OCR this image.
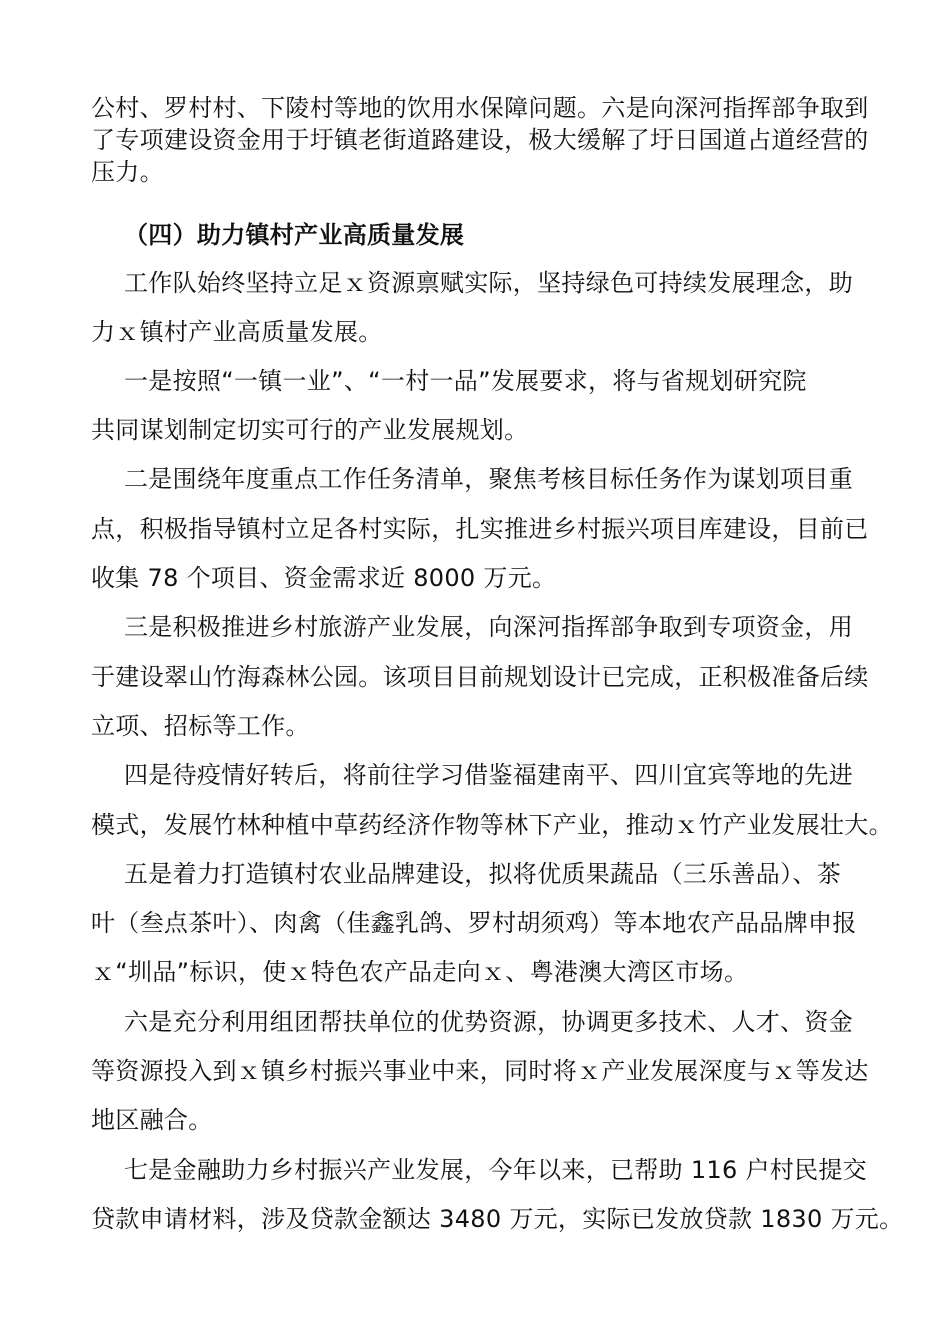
公村、罗村村、下陵村等地的饮用水保障问题。六是向深河指挥部争取到
了专项建设资金用于圩镇老街道路建设，极大缓解了圩日国道占道经营的
压力。
（四）助力镇村产业高质量发展
工作队始终坚持立足ｘ资源禀赋实际，坚持绿色可持续发展理念，助
力ｘ镇村产业高质量发展。
一是按照“一镇一业”、“一村一品”发展要求，将与省规划研究院
共同谋划制定切实可行的产业发展规划。
二是围绕年度重点工作任务清单，聚焦考核目标任务作为谋划项目重
点，积极指导镇村立足各村实际，扎实推进乡村振兴项目库建设，目前已
收集 78 个项目、资金需求近 8000 万元。
三是积极推进乡村旅游产业发展，向深河指挥部争取到专项资金，用
于建设翠山竹海森林公园。该项目目前规划设计已完成，正积极准备后续
立项、招标等工作。
四是待疫情好转后，将前往学习借鉴福建南平、四川宜宾等地的先进
模式，发展竹林种植中草药经济作物等林下产业，推动ｘ竹产业发展壮大。
五是着力打造镇村农业品牌建设，拟将优质果蔬品（三乐善品）、茶
叶（叁点茶叶）、肉禽（佳鑫乳鸽、罗村胡须鸡）等本地农产品品牌申报
ｘ“圳品”标识，使ｘ特色农产品走向ｘ、粤港澳大湾区市场。
六是充分利用组团帮扶单位的优势资源，协调更多技术、人才、资金
等资源投入到ｘ镇乡村振兴事业中来，同时将ｘ产业发展深度与ｘ等发达
地区融合。
七是金融助力乡村振兴产业发展，今年以来，已帮助 116 户村民提交
贷款申请材料，涉及贷款金额达 3480 万元，实际已发放贷款 1830 万元。
